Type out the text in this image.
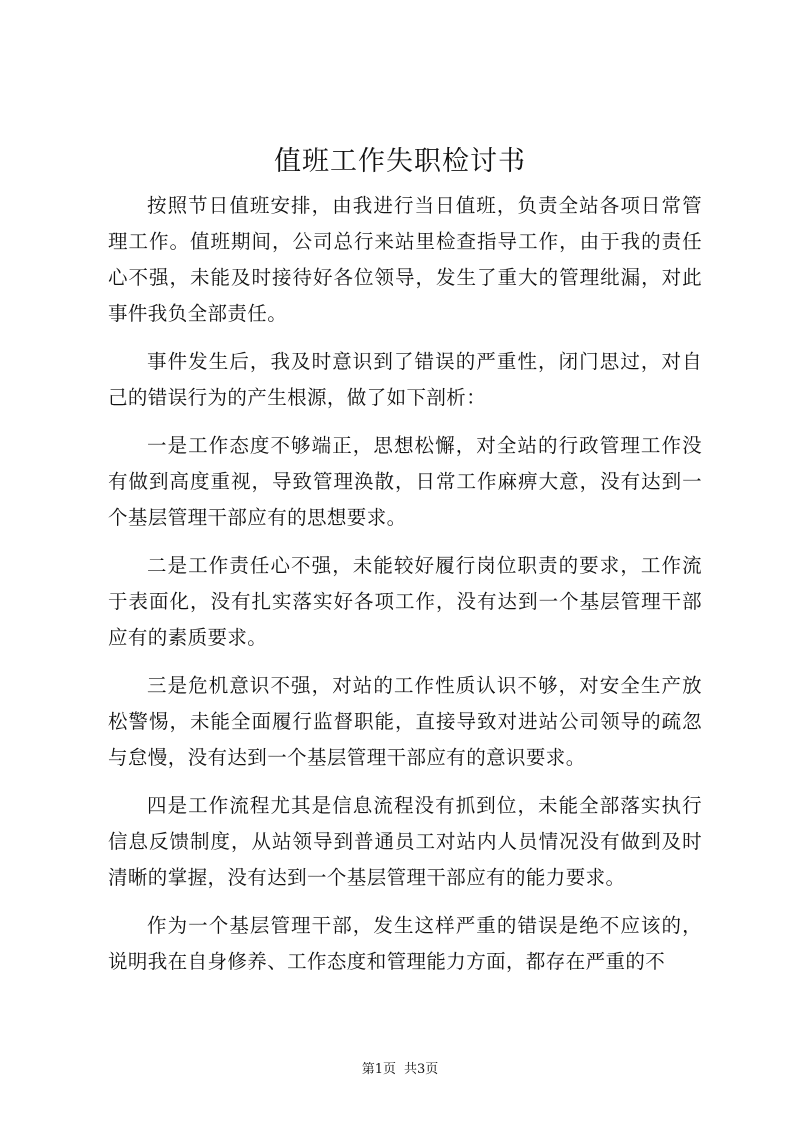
值班工作失职检讨书

按照节日值班安排，由我进行当日值班，负责全站各项日常管理工作。值班期间，公司总行来站里检查指导工作，由于我的责任心不强，未能及时接待好各位领导，发生了重大的管理纰漏，对此事件我负全部责任。

事件发生后，我及时意识到了错误的严重性，闭门思过，对自己的错误行为的产生根源，做了如下剖析：

一是工作态度不够端正，思想松懈，对全站的行政管理工作没有做到高度重视，导致管理涣散，日常工作麻痹大意，没有达到一个基层管理干部应有的思想要求。

二是工作责任心不强，未能较好履行岗位职责的要求，工作流于表面化，没有扎实落实好各项工作，没有达到一个基层管理干部应有的素质要求。

三是危机意识不强，对站的工作性质认识不够，对安全生产放松警惕，未能全面履行监督职能，直接导致对进站公司领导的疏忽与怠慢，没有达到一个基层管理干部应有的意识要求。

四是工作流程尤其是信息流程没有抓到位，未能全部落实执行信息反馈制度，从站领导到普通员工对站内人员情况没有做到及时清晰的掌握，没有达到一个基层管理干部应有的能力要求。

作为一个基层管理干部，发生这样严重的错误是绝不应该的，说明我在自身修养、工作态度和管理能力方面，都存在严重的不

第1页 共3页
